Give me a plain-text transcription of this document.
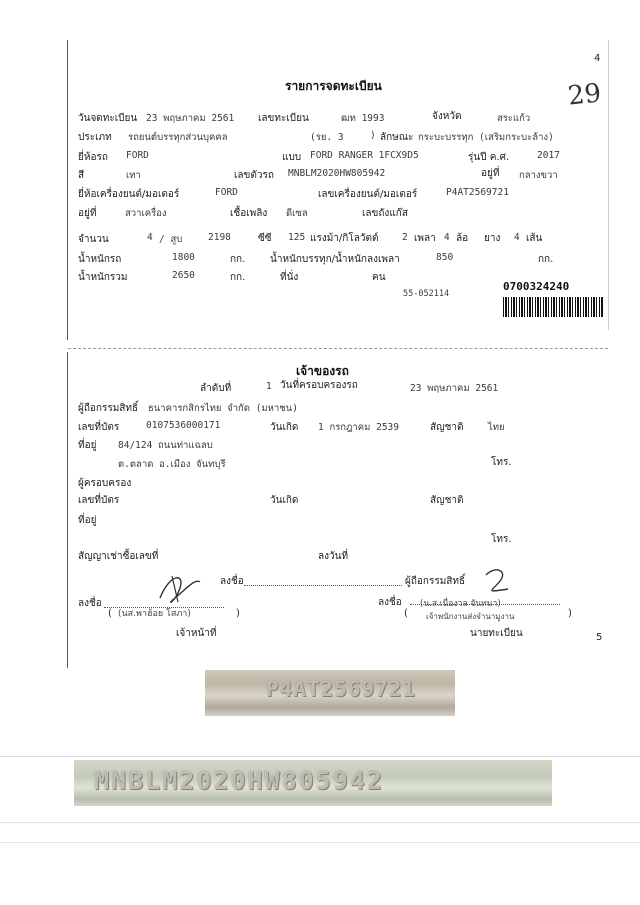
4
29
รายการจดทะเบียน
วันจดทะเบียน 23 พฤษภาคม 2561 เลขทะเบียน	ฒท 1993	จังหวัด	สระแก้ว
ประเภท รถยนต์บรรทุกส่วนบุคคล	(รย. 3	) ลักษณะ กระบะบรรทุก (เสริมกระบะล้าง)
ยี่ห้อรถ FORD	แบบ FORD RANGER 1FCX9D5	รุ่นปี ค.ศ.	2017
สี	เทา	เลขตัวรถ MNBLM2020HW805942	อยู่ที่ กลางขวา
ยี่ห้อเครื่องยนต์/มอเตอร์	FORD	เลขเครื่องยนต์/มอเตอร์	P4AT2569721
อยู่ที่	สวาเครื่อง	เชื้อเพลิง ดีเซล	เลขถังแก๊ส
จำนวน	4 / สูบ	2198	ซีซี 125 แรงม้า/กิโลวัตต์ 2 เพลา 4 ล้อ ยาง 4 เส้น
น้ำหนักรถ	1800	กก. น้ำหนักบรรทุก/น้ำหนักลงเพลา	850	กก.
น้ำหนักรวม	2650	กก.	ที่นั่ง	คน
55-052114
0700324240
เจ้าของรถ
ลำดับที่	1 วันที่ครอบครองรถ	23 พฤษภาคม 2561
ผู้ถือกรรมสิทธิ์ ธนาคารกสิกรไทย จำกัด (มหาชน)
เลขที่บัตร	0107536000171	วันเกิด 1 กรกฎาคม 2539	สัญชาติ	ไทย
ที่อยู่ 84/124 ถนนท่าแฉลบ
ต.ตลาด อ.เมือง จันทบุรี	โทร.
ผู้ครอบครอง
เลขที่บัตร	วันเกิด	สัญชาติ
ที่อยู่
โทร.
สัญญาเช่าซื้อเลขที่	ลงวันที่
ลงชื่อ	ผู้ถือกรรมสิทธิ์
ลงชื่อ
(นส.พาฮ้อย โสภา)
(	)
เจ้าหน้าที่
ลงชื่อ (น.ส.เนื่องวล จันทนา)
เจ้าพนักงานส่งจำนามูงาน
(	)
นายทะเบียน	5
P4AT2569721
MNBLM2020HW805942
